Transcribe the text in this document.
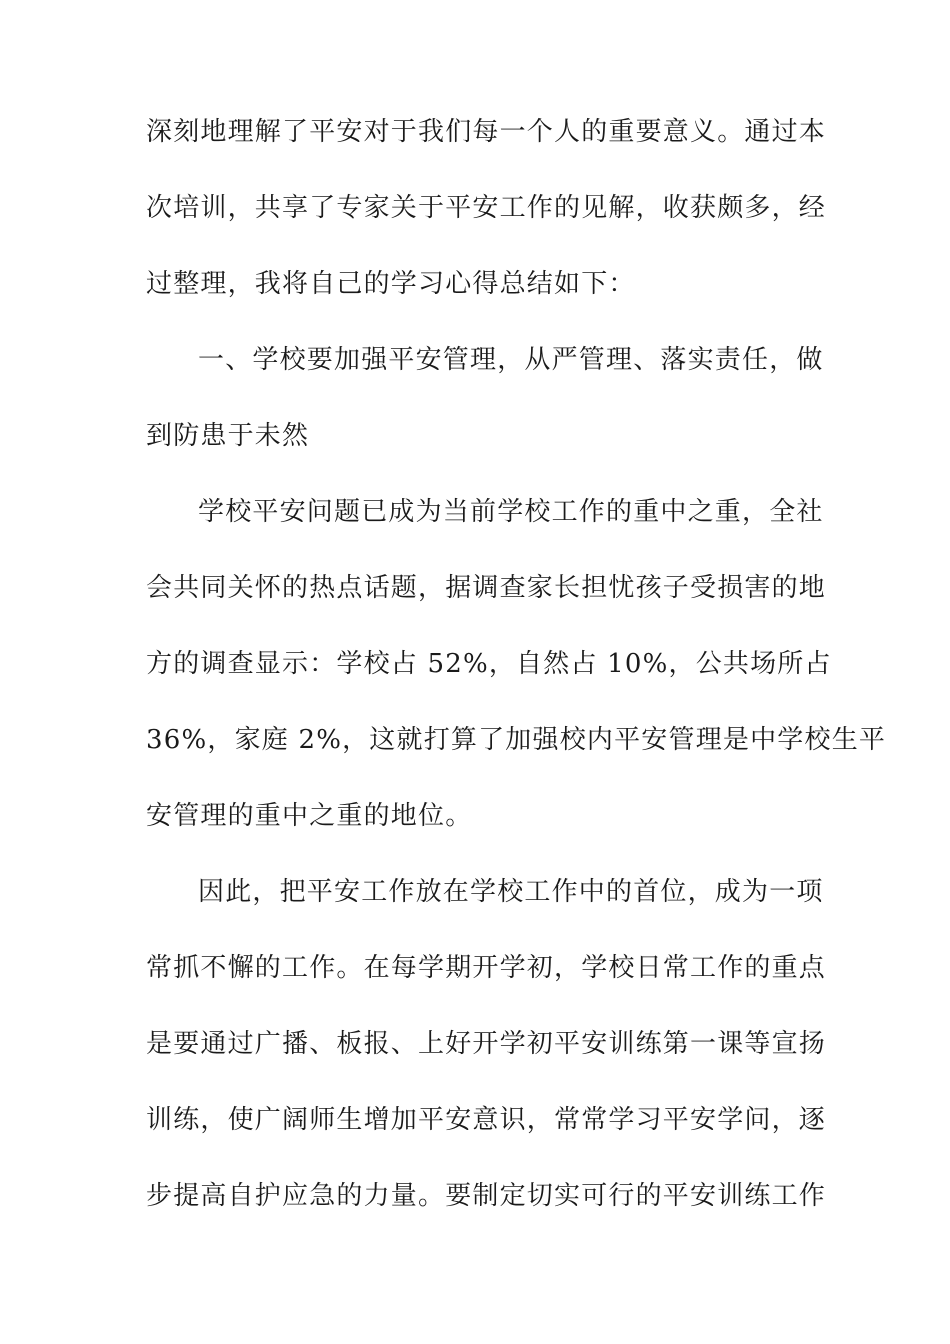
深刻地理解了平安对于我们每一个人的重要意义。通过本
次培训，共享了专家关于平安工作的见解，收获颇多，经
过整理，我将自己的学习心得总结如下：
一、学校要加强平安管理，从严管理、落实责任，做
到防患于未然
学校平安问题已成为当前学校工作的重中之重，全社
会共同关怀的热点话题，据调查家长担忧孩子受损害的地
方的调查显示：学校占 52%，自然占 10%，公共场所占
36%，家庭 2%，这就打算了加强校内平安管理是中学校生平
安管理的重中之重的地位。
因此，把平安工作放在学校工作中的首位，成为一项
常抓不懈的工作。在每学期开学初，学校日常工作的重点
是要通过广播、板报、上好开学初平安训练第一课等宣扬
训练，使广阔师生增加平安意识，常常学习平安学问，逐
步提高自护应急的力量。要制定切实可行的平安训练工作
